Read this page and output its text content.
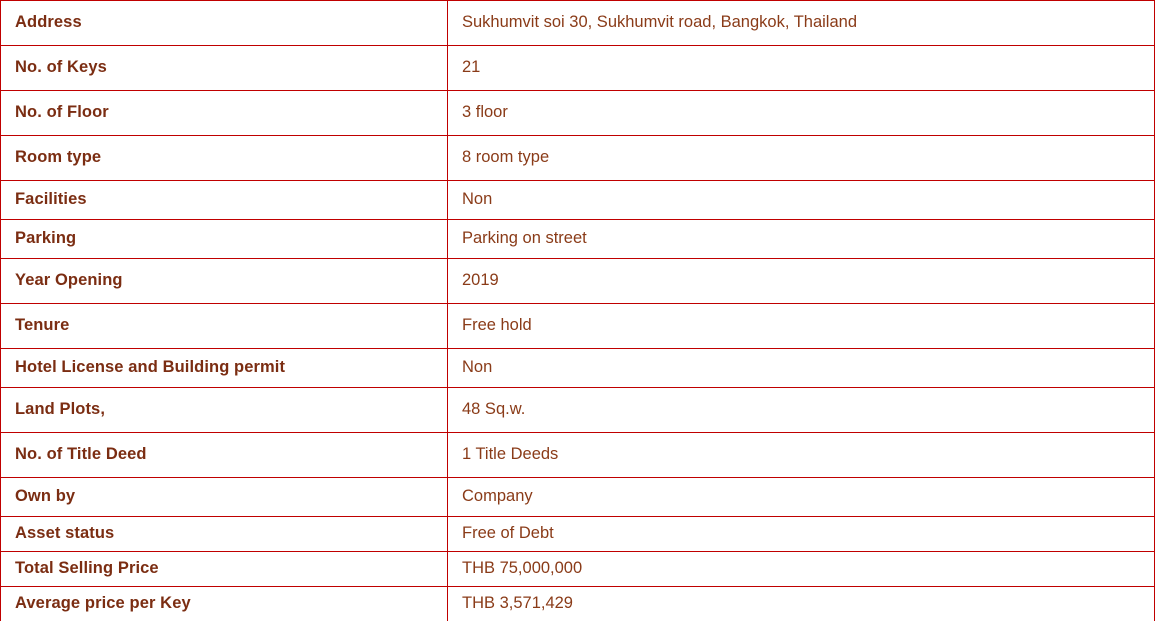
Address	Sukhumvit soi 30, Sukhumvit road, Bangkok, Thailand
No. of Keys	21
No. of Floor	3 floor
Room type	8 room type
Facilities	Non
Parking	Parking on street
Year Opening	2019
Tenure	Free hold
Hotel License and Building permit	Non
Land Plots,	48 Sq.w.
No. of Title Deed	1 Title Deeds
Own by	Company
Asset status	Free of Debt
Total Selling Price	THB 75,000,000
Average price per Key	THB 3,571,429
